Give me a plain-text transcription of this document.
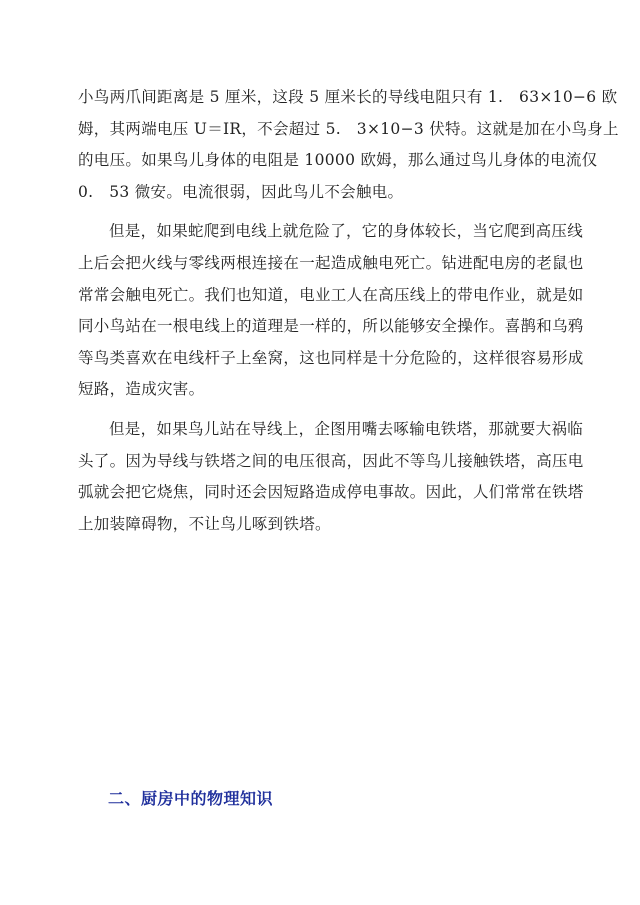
小鸟两爪间距离是 5 厘米，这段 5 厘米长的导线电阻只有 1.　63×10−6 欧
姆，其两端电压 U＝IR，不会超过 5.　3×10−3 伏特。这就是加在小鸟身上
的电压。如果鸟儿身体的电阻是 10000 欧姆，那么通过鸟儿身体的电流仅
0.　53 微安。电流很弱，因此鸟儿不会触电。
但是，如果蛇爬到电线上就危险了，它的身体较长，当它爬到高压线
上后会把火线与零线两根连接在一起造成触电死亡。钻进配电房的老鼠也
常常会触电死亡。我们也知道，电业工人在高压线上的带电作业，就是如
同小鸟站在一根电线上的道理是一样的，所以能够安全操作。喜鹊和乌鸦
等鸟类喜欢在电线杆子上垒窝，这也同样是十分危险的，这样很容易形成
短路，造成灾害。
但是，如果鸟儿站在导线上，企图用嘴去啄输电铁塔，那就要大祸临
头了。因为导线与铁塔之间的电压很高，因此不等鸟儿接触铁塔，高压电
弧就会把它烧焦，同时还会因短路造成停电事故。因此，人们常常在铁塔
上加装障碍物，不让鸟儿啄到铁塔。
二、厨房中的物理知识
